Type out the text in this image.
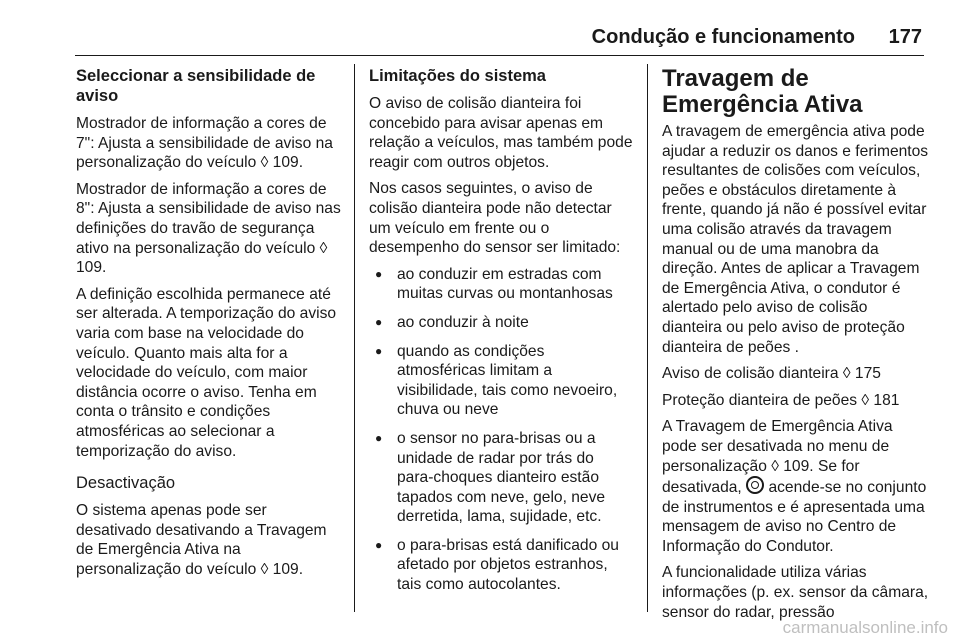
Condução e funcionamento 177
Seleccionar a sensibilidade de aviso

Mostrador de informação a cores de 7": Ajusta a sensibilidade de aviso na personalização do veículo ◊ 109.

Mostrador de informação a cores de 8": Ajusta a sensibilidade de aviso nas definições do travão de segurança ativo na personalização do veículo ◊ 109.

A definição escolhida permanece até ser alterada. A temporização do aviso varia com base na velocidade do veículo. Quanto mais alta for a velocidade do veículo, com maior distância ocorre o aviso. Tenha em conta o trânsito e condições atmosféricas ao selecionar a temporização do aviso.

Desactivação

O sistema apenas pode ser desativado desativando a Travagem de Emergência Ativa na personalização do veículo ◊ 109.

Limitações do sistema

O aviso de colisão dianteira foi concebido para avisar apenas em relação a veículos, mas também pode reagir com outros objetos.

Nos casos seguintes, o aviso de colisão dianteira pode não detectar um veículo em frente ou o desempenho do sensor ser limitado:

● ao conduzir em estradas com muitas curvas ou montanhosas
● ao conduzir à noite
● quando as condições atmosféricas limitam a visibilidade, tais como nevoeiro, chuva ou neve
● o sensor no para-brisas ou a unidade de radar por trás do para-choques dianteiro estão tapados com neve, gelo, neve derretida, lama, sujidade, etc.
● o para-brisas está danificado ou afetado por objetos estranhos, tais como autocolantes.
Travagem de Emergência Ativa

A travagem de emergência ativa pode ajudar a reduzir os danos e ferimentos resultantes de colisões com veículos, peões e obstáculos diretamente à frente, quando já não é possível evitar uma colisão através da travagem manual ou de uma manobra da direção. Antes de aplicar a Travagem de Emergência Ativa, o condutor é alertado pelo aviso de colisão dianteira ou pelo aviso de proteção dianteira de peões .

Aviso de colisão dianteira ◊ 175

Proteção dianteira de peões ◊ 181

A Travagem de Emergência Ativa pode ser desativada no menu de personalização ◊ 109. Se for desativada, acende-se no conjunto de instrumentos e é apresentada uma mensagem de aviso no Centro de Informação do Condutor.

A funcionalidade utiliza várias informações (p. ex. sensor da câmara, sensor do radar, pressão

carmanualsonline.info
